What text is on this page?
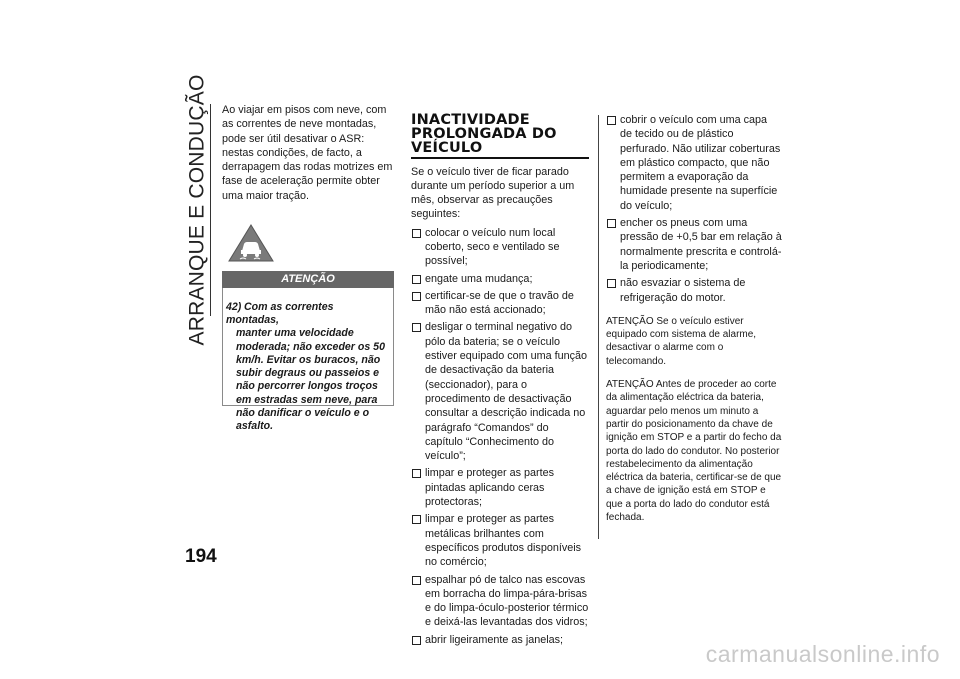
ARRANQUE E CONDUÇÃO Ao viajar em pisos com neve, com as correntes de neve montadas, pode ser útil desativar o ASR: nestas condições, de facto, a derrapagem das rodas motrizes em fase de aceleração permite obter uma maior tração.

ATENÇÃO
42) Com as correntes montadas,
manter uma velocidade moderada; não exceder os 50 km/h. Evitar os buracos, não subir degraus ou passeios e não percorrer longos troços em estradas sem neve, para não danificar o veículo e o asfalto.
INACTIVIDADE
PROLONGADA DO
VEÍCULO

Se o veículo tiver de ficar parado durante um período superior a um mês, observar as precauções seguintes:

colocar o veículo num local coberto, seco e ventilado se possível;
engate uma mudança;
certificar-se de que o travão de mão não está accionado;
desligar o terminal negativo do pólo da bateria; se o veículo estiver equipado com uma função de desactivação da bateria (seccionador), para o procedimento de desactivação consultar a descrição indicada no parágrafo “Comandos” do capítulo “Conhecimento do veículo”;
limpar e proteger as partes pintadas aplicando ceras protectoras;
limpar e proteger as partes metálicas brilhantes com específicos produtos disponíveis no comércio;
espalhar pó de talco nas escovas em borracha do limpa-pára-brisas e do limpa-óculo-posterior térmico e deixá-las levantadas dos vidros;
abrir ligeiramente as janelas;
cobrir o veículo com uma capa de tecido ou de plástico perfurado. Não utilizar coberturas em plástico compacto, que não permitem a evaporação da humidade presente na superfície do veículo;
encher os pneus com uma pressão de +0,5 bar em relação à normalmente prescrita e controlá-la periodicamente;
não esvaziar o sistema de refrigeração do motor.

ATENÇÃO Se o veículo estiver equipado com sistema de alarme, desactivar o alarme com o telecomando.

ATENÇÃO Antes de proceder ao corte da alimentação eléctrica da bateria, aguardar pelo menos um minuto a partir do posicionamento da chave de ignição em STOP e a partir do fecho da porta do lado do condutor. No posterior restabelecimento da alimentação eléctrica da bateria, certificar-se de que a chave de ignição está em STOP e que a porta do lado do condutor está fechada.

194
carmanualsonline.info
